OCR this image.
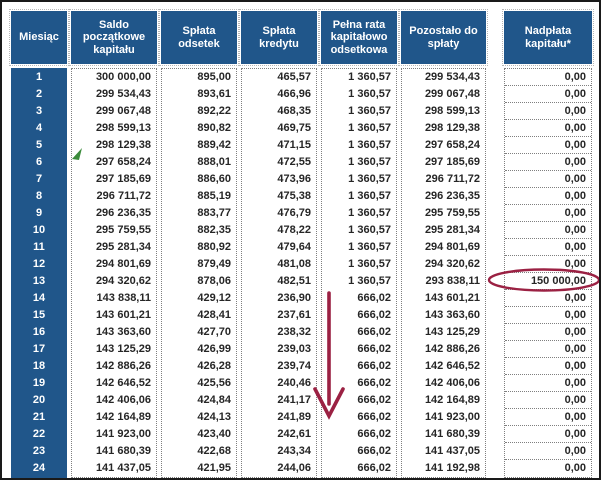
Miesiąc
1
2
3
4
5
6
7
8
9
10
11
12
13
14
15
16
17
18
19
20
21
22
23
24
Saldo początkowe kapitału
300 000,00
299 534,43
299 067,48
298 599,13
298 129,38
297 658,24
297 185,69
296 711,72
296 236,35
295 759,55
295 281,34
294 801,69
294 320,62
143 838,11
143 601,21
143 363,60
143 125,29
142 886,26
142 646,52
142 406,06
142 164,89
141 923,00
141 680,39
141 437,05
Spłata odsetek
895,00
893,61
892,22
890,82
889,42
888,01
886,60
885,19
883,77
882,35
880,92
879,49
878,06
429,12
428,41
427,70
426,99
426,28
425,56
424,84
424,13
423,40
422,68
421,95
Spłata kredytu
465,57
466,96
468,35
469,75
471,15
472,55
473,96
475,38
476,79
478,22
479,64
481,08
482,51
236,90
237,61
238,32
239,03
239,74
240,46
241,17
241,89
242,61
243,34
244,06
Pełna rata kapitałowo odsetkowa
1 360,57
1 360,57
1 360,57
1 360,57
1 360,57
1 360,57
1 360,57
1 360,57
1 360,57
1 360,57
1 360,57
1 360,57
1 360,57
666,02
666,02
666,02
666,02
666,02
666,02
666,02
666,02
666,02
666,02
666,02
Pozostało do spłaty
299 534,43
299 067,48
298 599,13
298 129,38
297 658,24
297 185,69
296 711,72
296 236,35
295 759,55
295 281,34
294 801,69
294 320,62
293 838,11
143 601,21
143 363,60
143 125,29
142 886,26
142 646,52
142 406,06
142 164,89
141 923,00
141 680,39
141 437,05
141 192,98
Nadpłata kapitału*
0,00
0,00
0,00
0,00
0,00
0,00
0,00
0,00
0,00
0,00
0,00
0,00
150 000,00
0,00
0,00
0,00
0,00
0,00
0,00
0,00
0,00
0,00
0,00
0,00
